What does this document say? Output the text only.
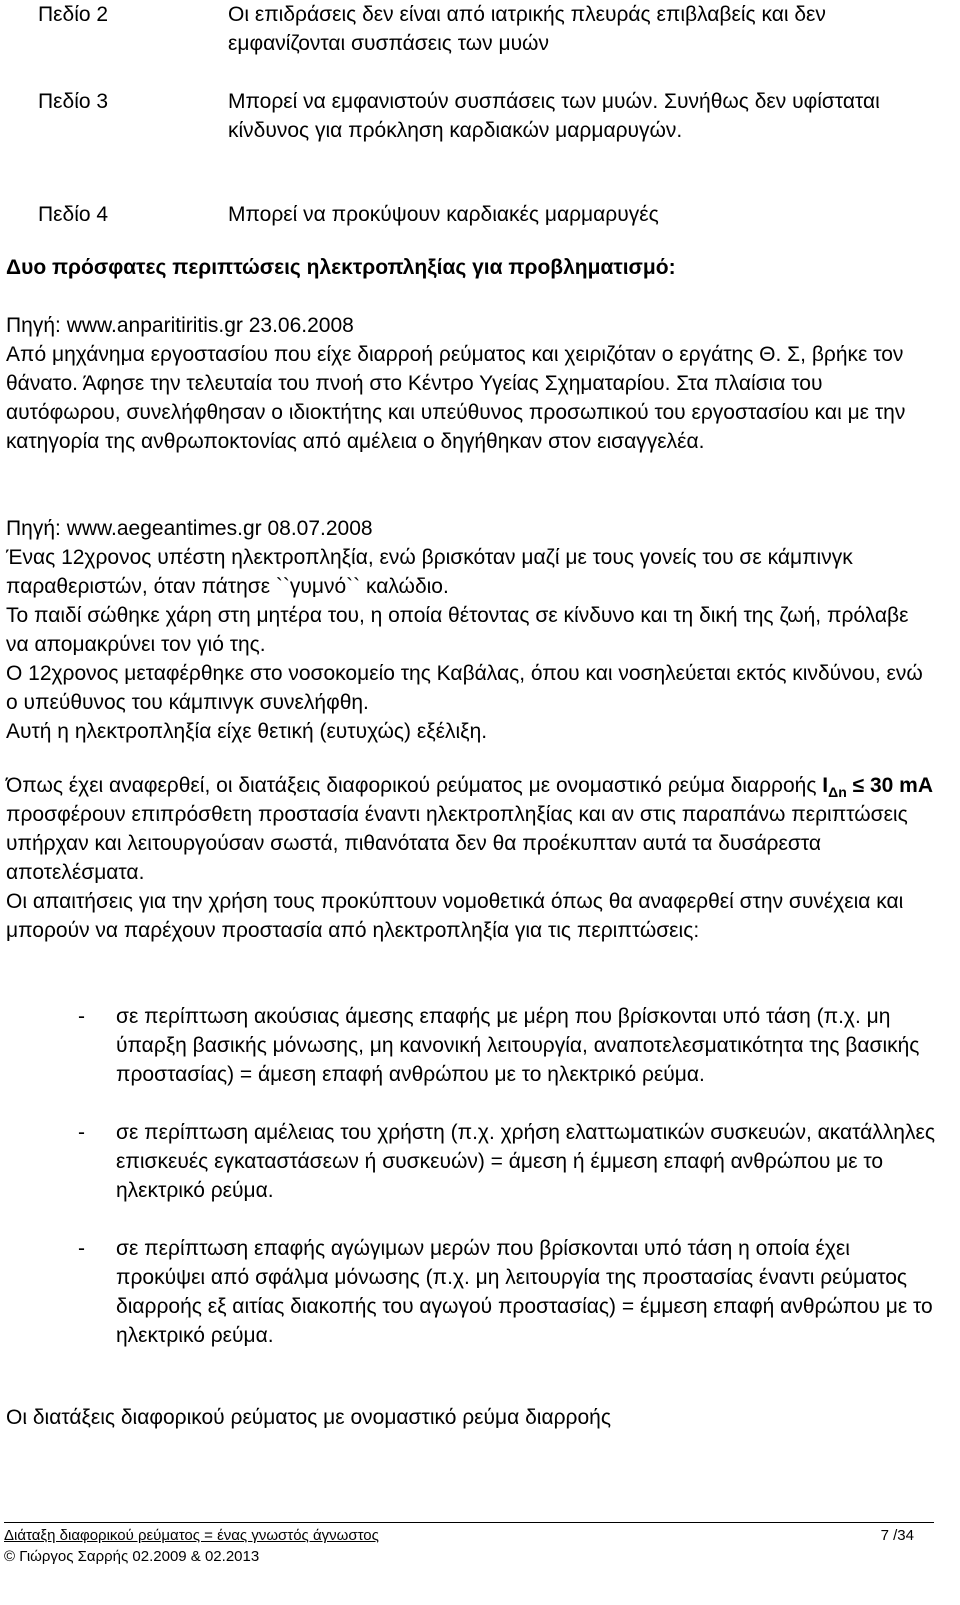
Πεδίο 2	Οι επιδράσεις δεν είναι από ιατρικής πλευράς επιβλαβείς και δεν εμφανίζονται συσπάσεις των μυών
Πεδίο 3	Μπορεί να εμφανιστούν συσπάσεις των μυών. Συνήθως δεν υφίσταται κίνδυνος για πρόκληση καρδιακών μαρμαρυγών.
Πεδίο 4	Μπορεί να προκύψουν καρδιακές μαρμαρυγές
Δυο πρόσφατες περιπτώσεις ηλεκτροπληξίας για προβληματισμό:
Πηγή: www.anparitiritis.gr 23.06.2008
Από μηχάνημα εργοστασίου που είχε διαρροή ρεύματος και χειριζόταν ο εργάτης Θ. Σ, βρήκε τον θάνατο. Άφησε την τελευταία του πνοή στο Κέντρο Υγείας Σχηματαρίου. Στα πλαίσια του αυτόφωρου, συνελήφθησαν ο ιδιοκτήτης και υπεύθυνος προσωπικού του εργοστασίου και με την κατηγορία της ανθρωποκτονίας από αμέλεια ο δηγήθηκαν στον εισαγγελέα.
Πηγή: www.aegeantimes.gr 08.07.2008
Ένας 12χρονος υπέστη ηλεκτροπληξία, ενώ βρισκόταν μαζί με τους γονείς του σε κάμπινγκ παραθεριστών, όταν πάτησε ``γυμνό`` καλώδιο.
Το παιδί σώθηκε χάρη στη μητέρα του, η οποία θέτοντας σε κίνδυνο και τη δική της ζωή, πρόλαβε να απομακρύνει τον γιό της.
Ο 12χρονος μεταφέρθηκε στο νοσοκομείο της Καβάλας, όπου και νοσηλεύεται εκτός κινδύνου, ενώ ο υπεύθυνος του κάμπινγκ συνελήφθη.
Αυτή η ηλεκτροπληξία είχε θετική (ευτυχώς) εξέλιξη.
Όπως έχει αναφερθεί, οι διατάξεις διαφορικού ρεύματος με ονομαστικό ρεύμα διαρροής $I_{\Delta n} \le 30$ mA προσφέρουν επιπρόσθετη προστασία έναντι ηλεκτροπληξίας και αν στις παραπάνω περιπτώσεις υπήρχαν και λειτουργούσαν σωστά, πιθανότατα δεν θα προέκυπταν αυτά τα δυσάρεστα αποτελέσματα.
Οι απαιτήσεις για την χρήση τους προκύπτουν νομοθετικά όπως θα αναφερθεί στην συνέχεια και μπορούν να παρέχουν προστασία από ηλεκτροπληξία για τις περιπτώσεις:
-	σε περίπτωση ακούσιας άμεσης επαφής με μέρη που βρίσκονται υπό τάση (π.χ. μη ύπαρξη βασικής μόνωσης, μη κανονική λειτουργία, αναποτελεσματικότητα της βασικής προστασίας) = άμεση επαφή ανθρώπου με το ηλεκτρικό ρεύμα.
-	σε περίπτωση αμέλειας του χρήστη (π.χ. χρήση ελαττωματικών συσκευών, ακατάλληλες επισκευές εγκαταστάσεων ή συσκευών) = άμεση ή έμμεση επαφή ανθρώπου με το ηλεκτρικό ρεύμα.
-	σε περίπτωση επαφής αγώγιμων μερών που βρίσκονται υπό τάση η οποία έχει προκύψει από σφάλμα μόνωσης (π.χ. μη λειτουργία της προστασίας έναντι ρεύματος διαρροής εξ αιτίας διακοπής του αγωγού προστασίας) = έμμεση επαφή ανθρώπου με το ηλεκτρικό ρεύμα.
Οι διατάξεις διαφορικού ρεύματος με ονομαστικό ρεύμα διαρροής
Διάταξη διαφορικού ρεύματος = ένας γνωστός άγνωστος	7 /34
© Γιώργος Σαρρής 02.2009 & 02.2013
